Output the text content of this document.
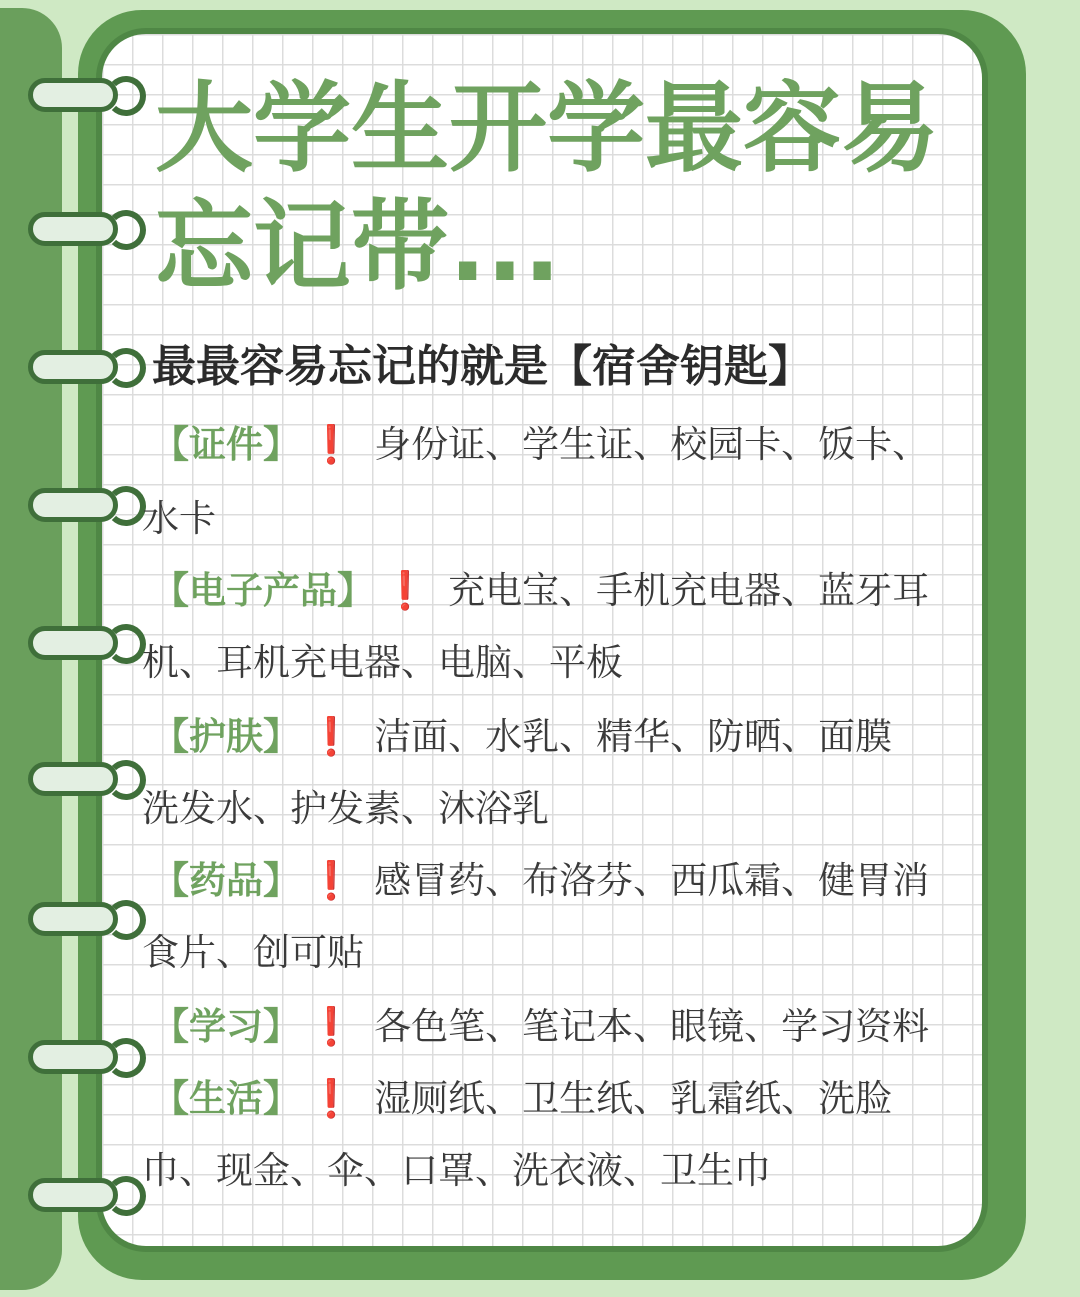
大学生开学最容易
忘记带...

最最容易忘记的就是【宿舍钥匙】

【证件】 ❗ 身份证、学生证、校园卡、饭卡、

水卡

【电子产品】 ❗ 充电宝、手机充电器、蓝牙耳

机、耳机充电器、电脑、平板

【护肤】 ❗ 洁面、水乳、精华、防晒、面膜

洗发水、护发素、沐浴乳

【药品】 ❗ 感冒药、布洛芬、西瓜霜、健胃消

食片、创可贴

【学习】 ❗ 各色笔、笔记本、眼镜、学习资料

【生活】 ❗ 湿厕纸、卫生纸、乳霜纸、洗脸

巾、现金、伞、口罩、洗衣液、卫生巾
